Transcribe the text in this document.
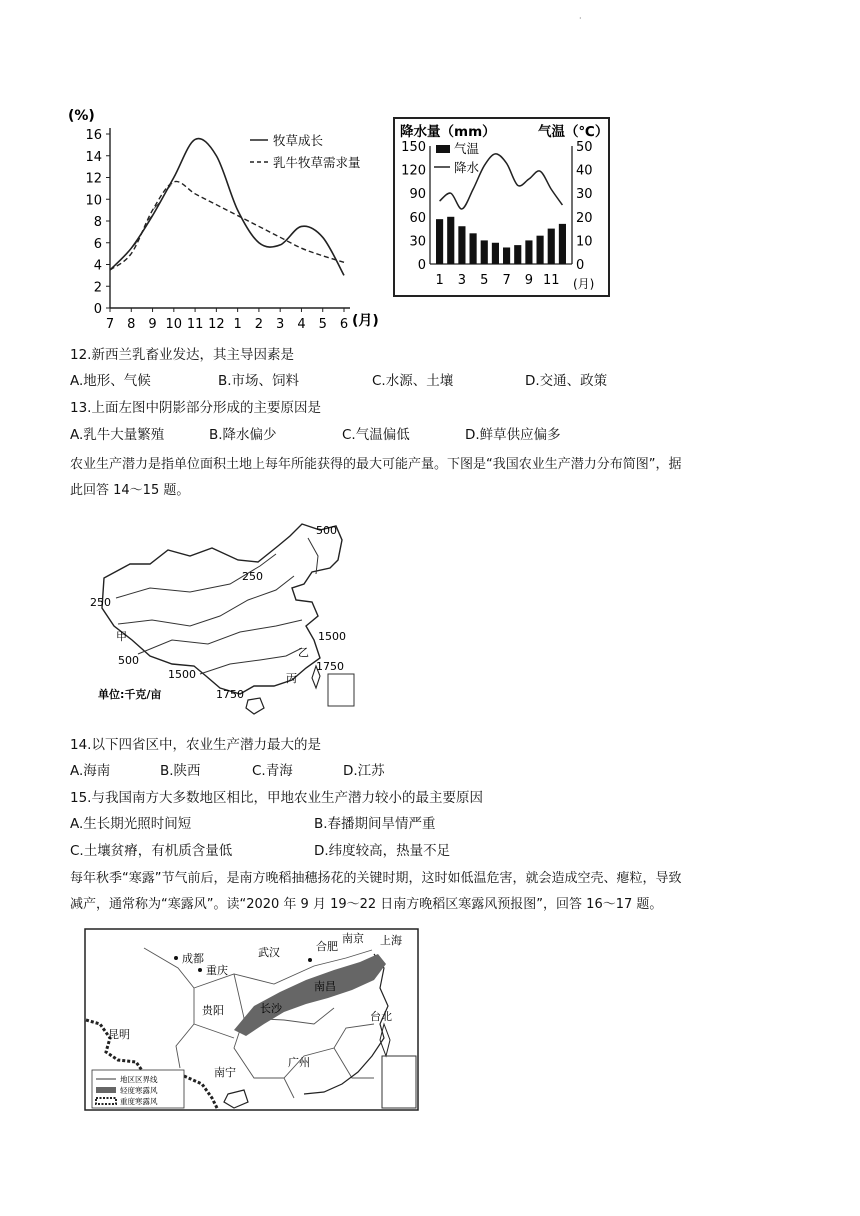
·
(%)
0
2
4
6
8
10
12
14
16
7 8 9 10 11 12 1 2 3 4 5 6
牧草成长
乳牛牧草需求量
(月)
降水量（mm）	气温（℃）
0
30
60
90
120
150
0
10
20
30
40
50
1 3 5 7 9 11
气温
降水
(月)
12.新西兰乳畜业发达，其主导因素是
A.地形、气候	B.市场、饲料	C.水源、土壤	D.交通、政策
13.上面左图中阴影部分形成的主要原因是
A.乳牛大量繁殖	B.降水偏少	C.气温偏低	D.鲜草供应偏多
农业生产潜力是指单位面积土地上每年所能获得的最大可能产量。下图是“我国农业生产潜力分布简图”，据
此回答 14～15 题。
500
250
250
1500
甲
500
1500
1750
乙
丙
1750
单位:千克/亩
14.以下四省区中，农业生产潜力最大的是
A.海南	B.陕西	C.青海	D.江苏
15.与我国南方大多数地区相比，甲地农业生产潜力较小的最主要原因
A.生长期光照时间短	B.春播期间旱情严重
C.土壤贫瘠，有机质含量低	D.纬度较高，热量不足
每年秋季“寒露”节气前后，是南方晚稻抽穗扬花的关键时期，这时如低温危害，就会造成空壳、瘪粒，导致
减产，通常称为“寒露风”。读“2020 年 9 月 19～22 日南方晚稻区寒露风预报图”，回答 16～17 题。
地区区界线
轻度寒露风
重度寒露风
成都
重庆
武汉	合肥
南京 上海
贵阳	长沙
南昌
昆明
南宁
广州
台北
